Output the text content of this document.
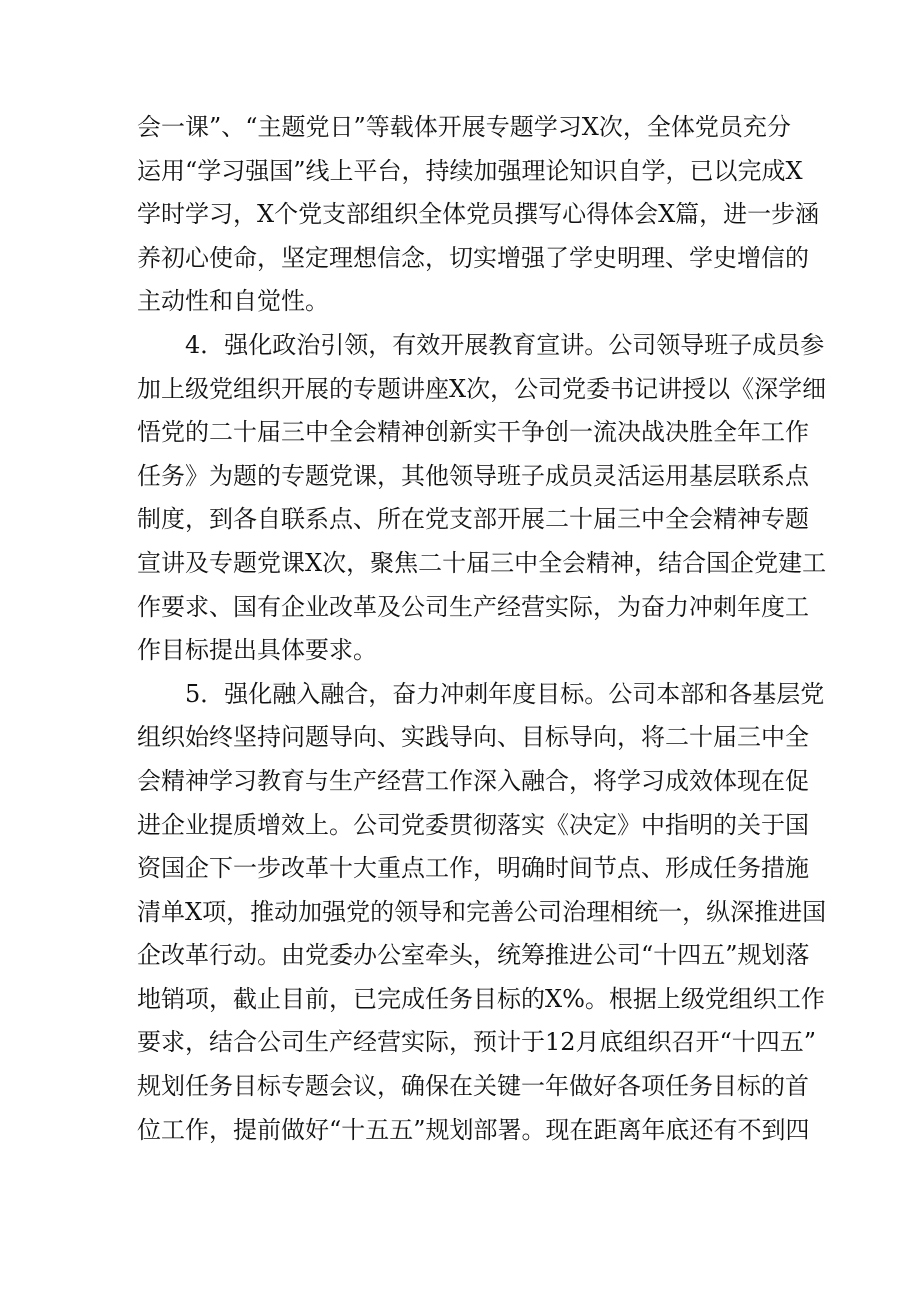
会一课”、“主题党日”等载体开展专题学习X次，全体党员充分
运用“学习强国”线上平台，持续加强理论知识自学，已以完成X
学时学习，X个党支部组织全体党员撰写心得体会X篇，进一步涵
养初心使命，坚定理想信念，切实增强了学史明理、学史增信的
主动性和自觉性。
4．强化政治引领，有效开展教育宣讲。公司领导班子成员参
加上级党组织开展的专题讲座X次，公司党委书记讲授以《深学细
悟党的二十届三中全会精神创新实干争创一流决战决胜全年工作
任务》为题的专题党课，其他领导班子成员灵活运用基层联系点
制度，到各自联系点、所在党支部开展二十届三中全会精神专题
宣讲及专题党课X次，聚焦二十届三中全会精神，结合国企党建工
作要求、国有企业改革及公司生产经营实际，为奋力冲刺年度工
作目标提出具体要求。
5．强化融入融合，奋力冲刺年度目标。公司本部和各基层党
组织始终坚持问题导向、实践导向、目标导向，将二十届三中全
会精神学习教育与生产经营工作深入融合，将学习成效体现在促
进企业提质增效上。公司党委贯彻落实《决定》中指明的关于国
资国企下一步改革十大重点工作，明确时间节点、形成任务措施
清单X项，推动加强党的领导和完善公司治理相统一，纵深推进国
企改革行动。由党委办公室牵头，统筹推进公司“十四五”规划落
地销项，截止目前，已完成任务目标的X%。根据上级党组织工作
要求，结合公司生产经营实际，预计于12月底组织召开“十四五”
规划任务目标专题会议，确保在关键一年做好各项任务目标的首
位工作，提前做好“十五五”规划部署。现在距离年底还有不到四
